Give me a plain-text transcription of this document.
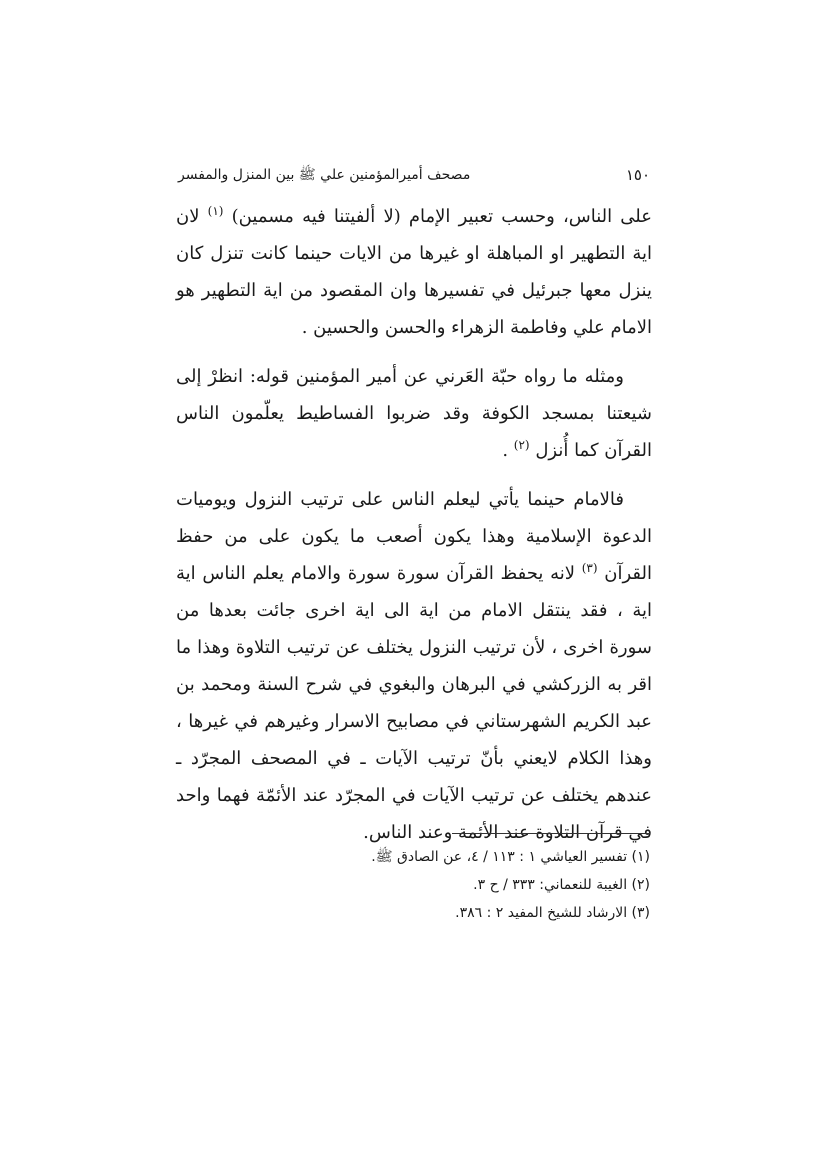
١٥٠
مصحف أميرالمؤمنين علي ﷺ بين المنزل والمفسر

على الناس، وحسب تعبير الإمام (لا ألفيتنا فيه مسمين) $^{(١)}$ لان اية التطهير او المباهلة او غيرها من الايات حينما كانت تنزل كان ينزل معها جبرئيل في تفسيرها وان المقصود من اية التطهير هو الامام علي وفاطمة الزهراء والحسن والحسين .

ومثله ما رواه حبّة العَرني عن أمير المؤمنين قوله: انظرْ إلى شيعتنا بمسجد الكوفة وقد ضربوا الفساطيط يعلّمون الناس القرآن كما أُنزل $^{(٢)}$ .

فالامام حينما يأتي ليعلم الناس على ترتيب النزول ويوميات الدعوة الإسلامية وهذا يكون أصعب ما يكون على من حفظ القرآن $^{(٣)}$ لانه يحفظ القرآن سورة سورة والامام يعلم الناس اية اية ، فقد ينتقل الامام من اية الى اية اخرى جائت بعدها من سورة اخرى ، لأن ترتيب النزول يختلف عن ترتيب التلاوة وهذا ما اقر به الزركشي في البرهان والبغوي في شرح السنة ومحمد بن عبد الكريم الشهرستاني في مصابيح الاسرار وغيرهم في غيرها ، وهذا الكلام لايعني بأنّ ترتيب الآيات ـ في المصحف المجرّد ـ عندهم يختلف عن ترتيب الآيات في المجرّد عند الأئمّة فهما واحد في قرآن التلاوة عند الأئمة وعند الناس.

(١) تفسير العياشي ١ : ١١٣ / ٤، عن الصادق ﷺ.
(٢) الغيبة للنعماني: ٣٣٣ / ح ٣.
(٣) الارشاد للشيخ المفيد ٢ : ٣٨٦.
